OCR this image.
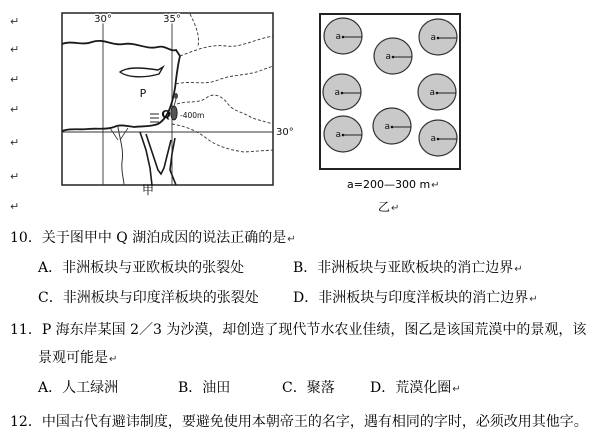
↵
↵
↵
↵
↵
↵
↵
30°	35°
30°
P
Q -400m
a
a
a
a	a
a
a	a
甲	a=200—300 m↵
乙↵
10．关于图甲中 Q 湖泊成因的说法正确的是↵
A．非洲板块与亚欧板块的张裂处	B．非洲板块与亚欧板块的消亡边界↵
C．非洲板块与印度洋板块的张裂处 D．非洲板块与印度洋板块的消亡边界↵
11．P 海东岸某国 2／3 为沙漠，却创造了现代节水农业佳绩，图乙是该国荒漠中的景观，该
景观可能是↵
A．人工绿洲	B．油田	C．聚落	D．荒漠化圈↵
12．中国古代有避讳制度，要避免使用本朝帝王的名字，遇有相同的字时，必须改用其他字。
